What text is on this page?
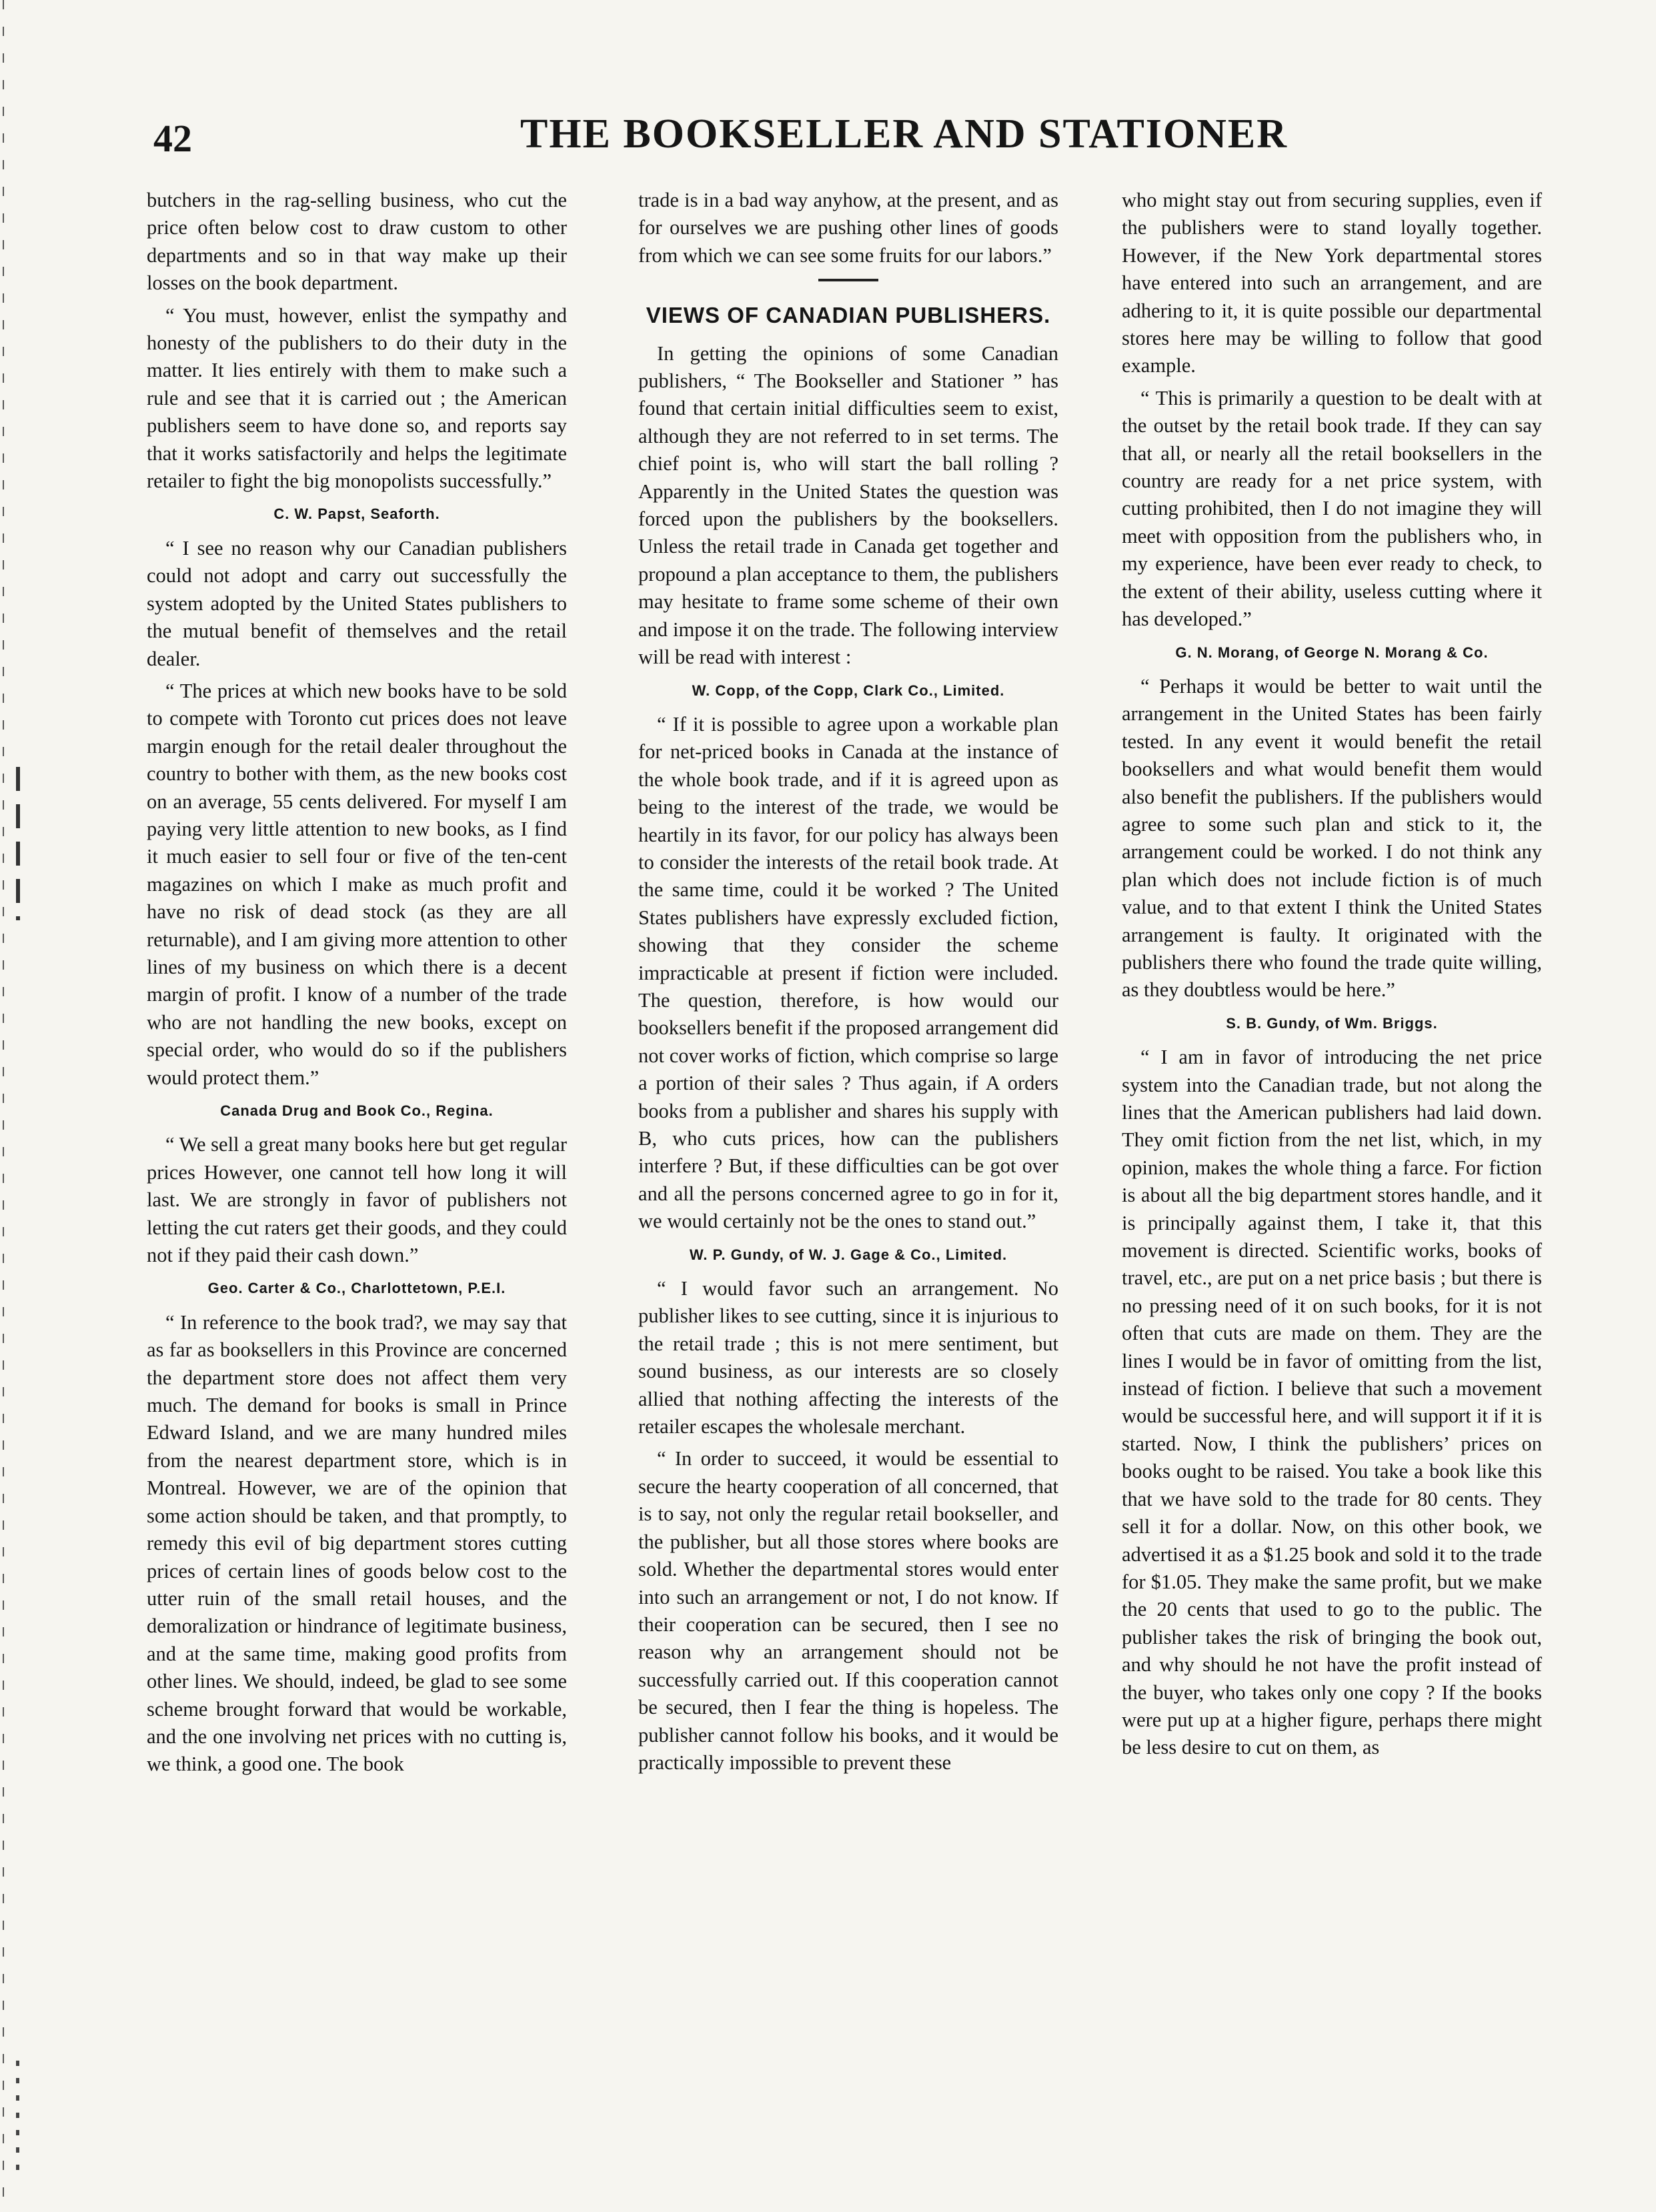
42	THE BOOKSELLER AND STATIONER

butchers in the rag-selling business, who cut the price often below cost to draw custom to other departments and so in that way make up their losses on the book department.

“ You must, however, enlist the sympathy and honesty of the publishers to do their duty in the matter. It lies entirely with them to make such a rule and see that it is carried out ; the American publishers seem to have done so, and reports say that it works satisfactorily and helps the legitimate retailer to fight the big monopolists successfully.”

C. W. Papst, Seaforth.

“ I see no reason why our Canadian publishers could not adopt and carry out successfully the system adopted by the United States publishers to the mutual benefit of themselves and the retail dealer.

“ The prices at which new books have to be sold to compete with Toronto cut prices does not leave margin enough for the retail dealer throughout the country to bother with them, as the new books cost on an average, 55 cents delivered. For myself I am paying very little attention to new books, as I find it much easier to sell four or five of the ten-cent magazines on which I make as much profit and have no risk of dead stock (as they are all returnable), and I am giving more attention to other lines of my business on which there is a decent margin of profit. I know of a number of the trade who are not handling the new books, except on special order, who would do so if the publishers would protect them.”

Canada Drug and Book Co., Regina.

“ We sell a great many books here but get regular prices However, one cannot tell how long it will last. We are strongly in favor of publishers not letting the cut raters get their goods, and they could not if they paid their cash down.”

Geo. Carter & Co., Charlottetown, P.E.I.

“ In reference to the book trad?, we may say that as far as booksellers in this Province are concerned the department store does not affect them very much. The demand for books is small in Prince Edward Island, and we are many hundred miles from the nearest department store, which is in Montreal. However, we are of the opinion that some action should be taken, and that promptly, to remedy this evil of big department stores cutting prices of certain lines of goods below cost to the utter ruin of the small retail houses, and the demoralization or hindrance of legitimate business, and at the same time, making good profits from other lines. We should, indeed, be glad to see some scheme brought forward that would be workable, and the one involving net prices with no cutting is, we think, a good one. The book

trade is in a bad way anyhow, at the present, and as for ourselves we are pushing other lines of goods from which we can see some fruits for our labors.”

VIEWS OF CANADIAN PUBLISHERS.

In getting the opinions of some Canadian publishers, “ The Bookseller and Stationer ” has found that certain initial difficulties seem to exist, although they are not referred to in set terms. The chief point is, who will start the ball rolling ? Apparently in the United States the question was forced upon the publishers by the booksellers. Unless the retail trade in Canada get together and propound a plan acceptance to them, the publishers may hesitate to frame some scheme of their own and impose it on the trade. The following interview will be read with interest :

W. Copp, of the Copp, Clark Co., Limited.

“ If it is possible to agree upon a workable plan for net-priced books in Canada at the instance of the whole book trade, and if it is agreed upon as being to the interest of the trade, we would be heartily in its favor, for our policy has always been to consider the interests of the retail book trade. At the same time, could it be worked ? The United States publishers have expressly excluded fiction, showing that they consider the scheme impracticable at present if fiction were included. The question, therefore, is how would our booksellers benefit if the proposed arrangement did not cover works of fiction, which comprise so large a portion of their sales ? Thus again, if A orders books from a publisher and shares his supply with B, who cuts prices, how can the publishers interfere ? But, if these difficulties can be got over and all the persons concerned agree to go in for it, we would certainly not be the ones to stand out.”

W. P. Gundy, of W. J. Gage & Co., Limited.

“ I would favor such an arrangement. No publisher likes to see cutting, since it is injurious to the retail trade ; this is not mere sentiment, but sound business, as our interests are so closely allied that nothing affecting the interests of the retailer escapes the wholesale merchant.

“ In order to succeed, it would be essential to secure the hearty cooperation of all concerned, that is to say, not only the regular retail bookseller, and the publisher, but all those stores where books are sold. Whether the departmental stores would enter into such an arrangement or not, I do not know. If their cooperation can be secured, then I see no reason why an arrangement should not be successfully carried out. If this cooperation cannot be secured, then I fear the thing is hopeless. The publisher cannot follow his books, and it would be practically impossible to prevent these

who might stay out from securing supplies, even if the publishers were to stand loyally together. However, if the New York departmental stores have entered into such an arrangement, and are adhering to it, it is quite possible our departmental stores here may be willing to follow that good example.

“ This is primarily a question to be dealt with at the outset by the retail book trade. If they can say that all, or nearly all the retail booksellers in the country are ready for a net price system, with cutting prohibited, then I do not imagine they will meet with opposition from the publishers who, in my experience, have been ever ready to check, to the extent of their ability, useless cutting where it has developed.”

G. N. Morang, of George N. Morang & Co.

“ Perhaps it would be better to wait until the arrangement in the United States has been fairly tested. In any event it would benefit the retail booksellers and what would benefit them would also benefit the publishers. If the publishers would agree to some such plan and stick to it, the arrangement could be worked. I do not think any plan which does not include fiction is of much value, and to that extent I think the United States arrangement is faulty. It originated with the publishers there who found the trade quite willing, as they doubtless would be here.”

S. B. Gundy, of Wm. Briggs.

“ I am in favor of introducing the net price system into the Canadian trade, but not along the lines that the American publishers had laid down. They omit fiction from the net list, which, in my opinion, makes the whole thing a farce. For fiction is about all the big department stores handle, and it is principally against them, I take it, that this movement is directed. Scientific works, books of travel, etc., are put on a net price basis ; but there is no pressing need of it on such books, for it is not often that cuts are made on them. They are the lines I would be in favor of omitting from the list, instead of fiction. I believe that such a movement would be successful here, and will support it if it is started. Now, I think the publishers’ prices on books ought to be raised. You take a book like this that we have sold to the trade for 80 cents. They sell it for a dollar. Now, on this other book, we advertised it as a $1.25 book and sold it to the trade for $1.05. They make the same profit, but we make the 20 cents that used to go to the public. The publisher takes the risk of bringing the book out, and why should he not have the profit instead of the buyer, who takes only one copy ? If the books were put up at a higher figure, perhaps there might be less desire to cut on them, as
